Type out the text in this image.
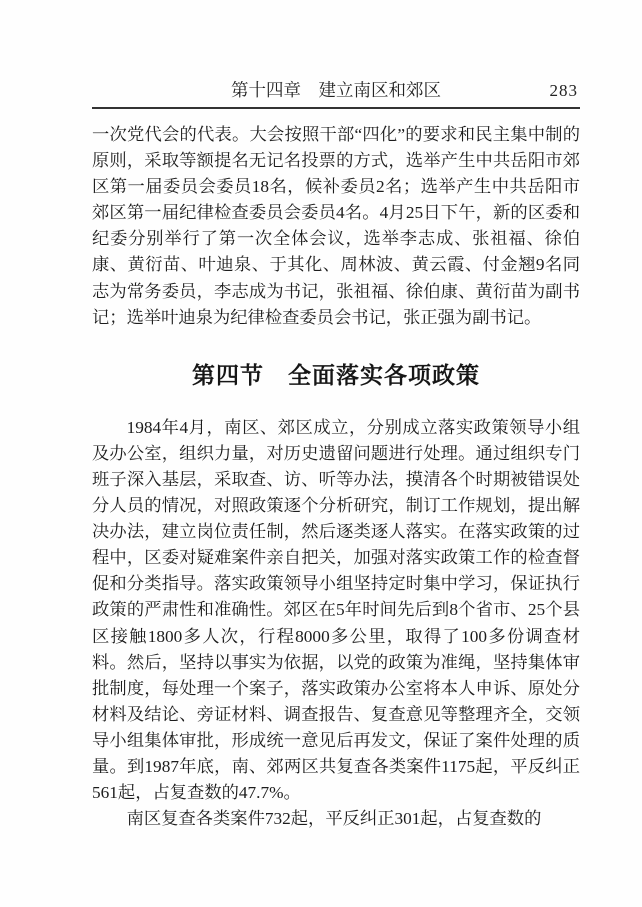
第十四章　建立南区和郊区	283

一次党代会的代表。大会按照干部“四化”的要求和民主集中制的原则，采取等额提名无记名投票的方式，选举产生中共岳阳市郊区第一届委员会委员18名，候补委员2名；选举产生中共岳阳市郊区第一届纪律检查委员会委员4名。4月25日下午，新的区委和纪委分别举行了第一次全体会议，选举李志成、张祖福、徐伯康、黄衍苗、叶迪泉、于其化、周林波、黄云霞、付金翘9名同志为常务委员，李志成为书记，张祖福、徐伯康、黄衍苗为副书记；选举叶迪泉为纪律检查委员会书记，张正强为副书记。

第四节　全面落实各项政策

1984年4月，南区、郊区成立，分别成立落实政策领导小组及办公室，组织力量，对历史遗留问题进行处理。通过组织专门班子深入基层，采取查、访、听等办法，摸清各个时期被错误处分人员的情况，对照政策逐个分析研究，制订工作规划，提出解决办法，建立岗位责任制，然后逐类逐人落实。在落实政策的过程中，区委对疑难案件亲自把关，加强对落实政策工作的检查督促和分类指导。落实政策领导小组坚持定时集中学习，保证执行政策的严肃性和准确性。郊区在5年时间先后到8个省市、25个县区接触1800多人次，行程8000多公里，取得了100多份调查材料。然后，坚持以事实为依据，以党的政策为准绳，坚持集体审批制度，每处理一个案子，落实政策办公室将本人申诉、原处分材料及结论、旁证材料、调查报告、复查意见等整理齐全，交领导小组集体审批，形成统一意见后再发文，保证了案件处理的质量。到1987年底，南、郊两区共复查各类案件1175起，平反纠正561起，占复查数的47.7%。

南区复查各类案件732起，平反纠正301起，占复查数的
